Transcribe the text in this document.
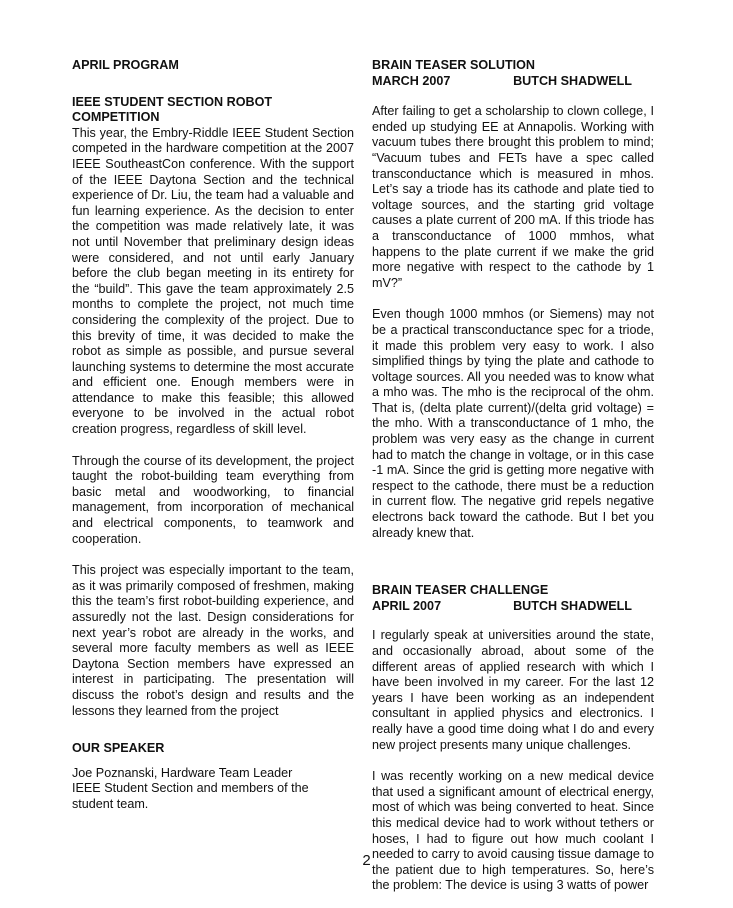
APRIL PROGRAM

IEEE STUDENT SECTION ROBOT COMPETITION

This year, the Embry-Riddle IEEE Student Section competed in the hardware competition at the 2007 IEEE SoutheastCon conference. With the support of the IEEE Daytona Section and the technical experience of Dr. Liu, the team had a valuable and fun learning experience. As the decision to enter the competition was made relatively late, it was not until November that preliminary design ideas were considered, and not until early January before the club began meeting in its entirety for the “build”. This gave the team approximately 2.5 months to complete the project, not much time considering the complexity of the project. Due to this brevity of time, it was decided to make the robot as simple as possible, and pursue several launching systems to determine the most accurate and efficient one. Enough members were in attendance to make this feasible; this allowed everyone to be involved in the actual robot creation progress, regardless of skill level.

Through the course of its development, the project taught the robot-building team everything from basic metal and woodworking, to financial management, from incorporation of mechanical and electrical components, to teamwork and cooperation.

This project was especially important to the team, as it was primarily composed of freshmen, making this the team’s first robot-building experience, and assuredly not the last. Design considerations for next year’s robot are already in the works, and several more faculty members as well as IEEE Daytona Section members have expressed an interest in participating. The presentation will discuss the robot’s design and results and the lessons they learned from the project

OUR SPEAKER

Joe Poznanski, Hardware Team Leader IEEE Student Section and members of the student team.

BRAIN TEASER SOLUTION

MARCH 2007	BUTCH SHADWELL

After failing to get a scholarship to clown college, I ended up studying EE at Annapolis. Working with vacuum tubes there brought this problem to mind; “Vacuum tubes and FETs have a spec called transconductance which is measured in mhos. Let’s say a triode has its cathode and plate tied to voltage sources, and the starting grid voltage causes a plate current of 200 mA. If this triode has a transconductance of 1000 mmhos, what happens to the plate current if we make the grid more negative with respect to the cathode by 1 mV?”

Even though 1000 mmhos (or Siemens) may not be a practical transconductance spec for a triode, it made this problem very easy to work. I also simplified things by tying the plate and cathode to voltage sources. All you needed was to know what a mho was. The mho is the reciprocal of the ohm. That is, (delta plate current)/(delta grid voltage) = the mho. With a transconductance of 1 mho, the problem was very easy as the change in current had to match the change in voltage, or in this case -1 mA. Since the grid is getting more negative with respect to the cathode, there must be a reduction in current flow. The negative grid repels negative electrons back toward the cathode. But I bet you already knew that.

BRAIN TEASER CHALLENGE

APRIL 2007	BUTCH SHADWELL

I regularly speak at universities around the state, and occasionally abroad, about some of the different areas of applied research with which I have been involved in my career. For the last 12 years I have been working as an independent consultant in applied physics and electronics. I really have a good time doing what I do and every new project presents many unique challenges.

I was recently working on a new medical device that used a significant amount of electrical energy, most of which was being converted to heat. Since this medical device had to work without tethers or hoses, I had to figure out how much coolant I needed to carry to avoid causing tissue damage to the patient due to high temperatures. So, here’s the problem: The device is using 3 watts of power

2
